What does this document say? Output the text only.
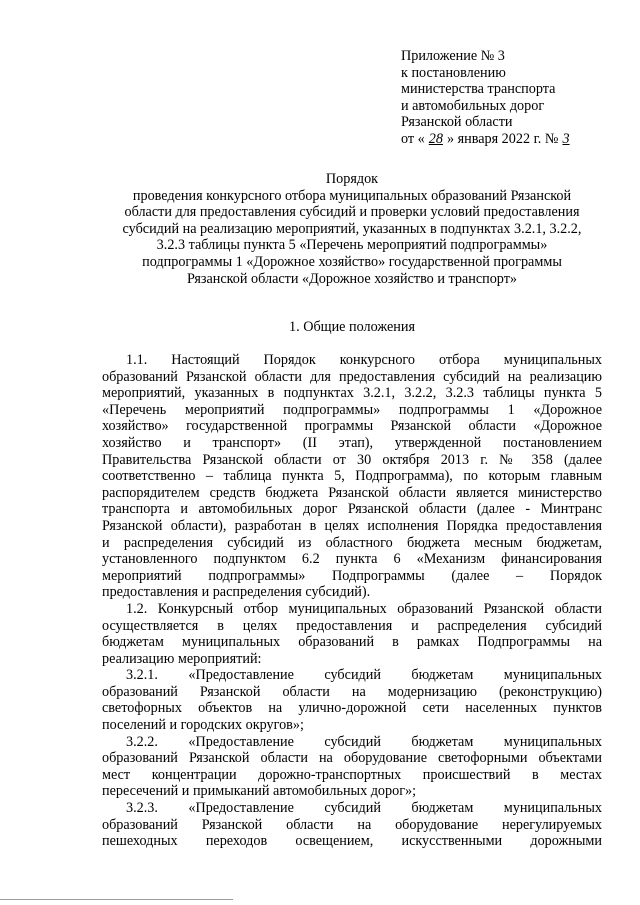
Приложение № 3
к постановлению
министерства транспорта
и автомобильных дорог
Рязанской области
от « 28 » января 2022 г. № 3
Порядок
проведения конкурсного отбора муниципальных образований Рязанской
области для предоставления субсидий и проверки условий предоставления
субсидий на реализацию мероприятий, указанных в подпунктах 3.2.1, 3.2.2,
3.2.3 таблицы пункта 5 «Перечень мероприятий подпрограммы»
подпрограммы 1 «Дорожное хозяйство» государственной программы
Рязанской области «Дорожное хозяйство и транспорт»
1. Общие положения
1.1. Настоящий Порядок конкурсного отбора муниципальных
образований Рязанской области для предоставления субсидий на реализацию
мероприятий, указанных в подпунктах 3.2.1, 3.2.2, 3.2.3 таблицы пункта 5
«Перечень мероприятий подпрограммы» подпрограммы 1 «Дорожное
хозяйство» государственной программы Рязанской области «Дорожное
хозяйство и транспорт» (II этап), утвержденной постановлением
Правительства Рязанской области от 30 октября 2013 г. № 358 (далее
соответственно – таблица пункта 5, Подпрограмма), по которым главным
распорядителем средств бюджета Рязанской области является министерство
транспорта и автомобильных дорог Рязанской области (далее - Минтранс
Рязанской области), разработан в целях исполнения Порядка предоставления
и распределения субсидий из областного бюджета месным бюджетам,
установленного подпунктом 6.2 пункта 6 «Механизм финансирования
мероприятий подпрограммы» Подпрограммы (далее – Порядок
предоставления и распределения субсидий).
1.2. Конкурсный отбор муниципальных образований Рязанской области
осуществляется в целях предоставления и распределения субсидий
бюджетам муниципальных образований в рамках Подпрограммы на
реализацию мероприятий:
3.2.1. «Предоставление субсидий бюджетам муниципальных
образований Рязанской области на модернизацию (реконструкцию)
светофорных объектов на улично-дорожной сети населенных пунктов
поселений и городских округов»;
3.2.2. «Предоставление субсидий бюджетам муниципальных
образований Рязанской области на оборудование светофорными объектами
мест концентрации дорожно-транспортных происшествий в местах
пересечений и примыканий автомобильных дорог»;
3.2.3. «Предоставление субсидий бюджетам муниципальных
образований Рязанской области на оборудование нерегулируемых
пешеходных переходов освещением, искусственными дорожными
